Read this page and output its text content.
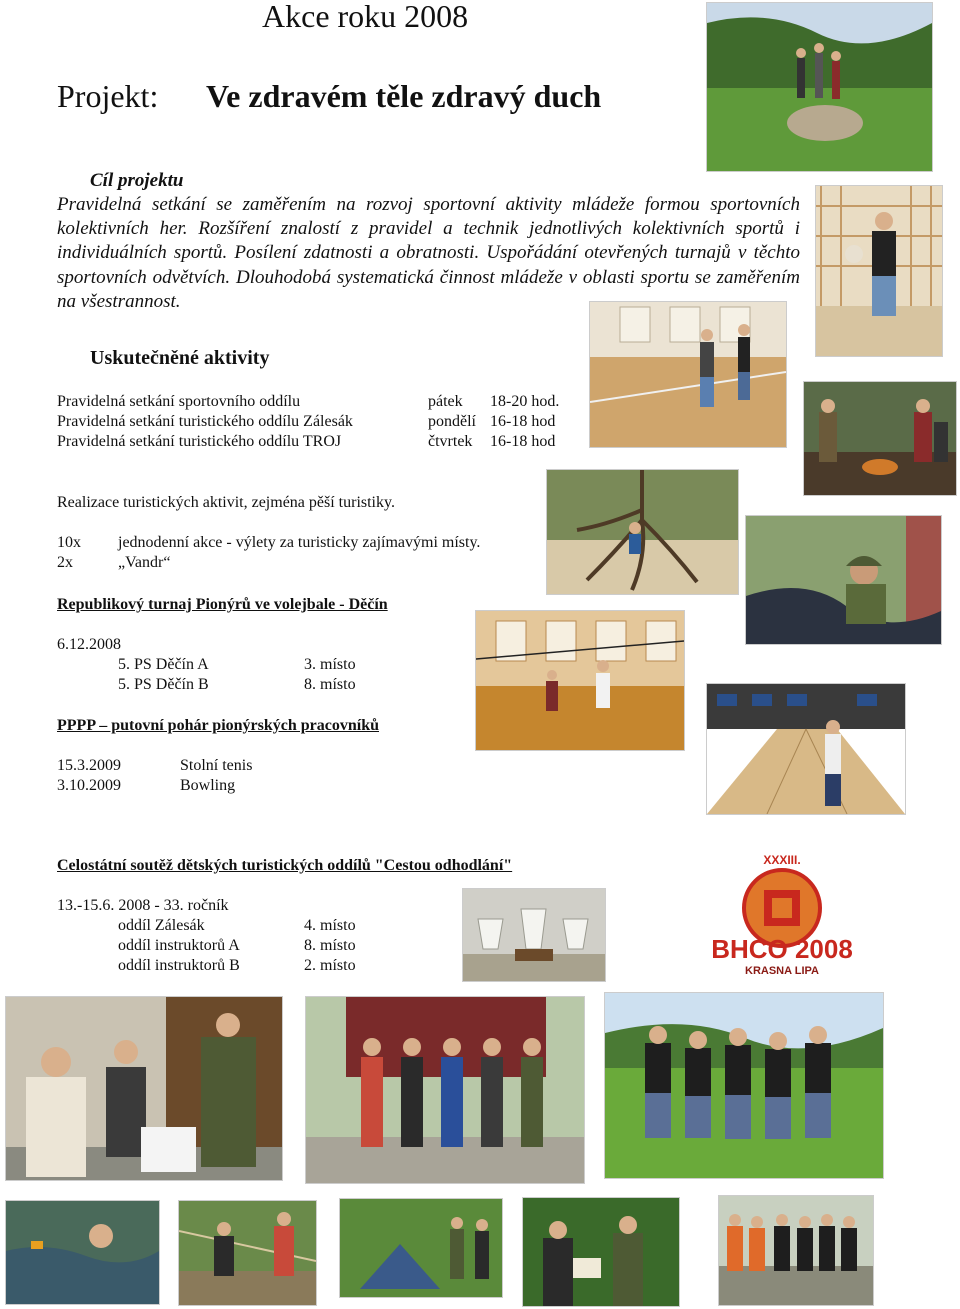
Akce roku 2008
Projekt: Ve zdravém těle zdravý duch
Cíl projektu
Pravidelná setkání se zaměřením na rozvoj sportovní aktivity mládeže formou sportovních kolektivních her. Rozšíření znalostí z pravidel a technik jednotlivých kolektivních sportů i individuálních sportů. Posílení zdatnosti a obratnosti. Uspořádání otevřených turnajů v těchto sportovních odvětvích. Dlouhodobá systematická činnost mládeže v oblasti sportu se zaměřením na všestrannost.
Uskutečněné aktivity
Pravidelná setkání sportovního oddílu	pátek 18-20 hod.
Pravidelná setkání turistického oddílu Zálesák	pondělí 16-18 hod
Pravidelná setkání turistického oddílu TROJ	čtvrtek 16-18 hod
Realizace turistických aktivit, zejména pěší turistiky.
10x jednodenní akce - výlety za turisticky zajímavými místy.
2x	„Vandr“
Republikový turnaj Pionýrů ve volejbale - Děčín
6.12.2008
5. PS Děčín A	3. místo
5. PS Děčín B	8. místo
PPPP – putovní pohár pionýrských pracovníků
15.3.2009	Stolní tenis
3.10.2009	Bowling
Celostátní soutěž dětských turistických oddílů "Cestou odhodlání"
13.-15.6. 2008 - 33. ročník
oddíl Zálesák	4. místo
oddíl instruktorů A	8. místo
oddíl instruktorů B	2. místo
XXXIII.
BHCO 2008
KRASNA LIPA
